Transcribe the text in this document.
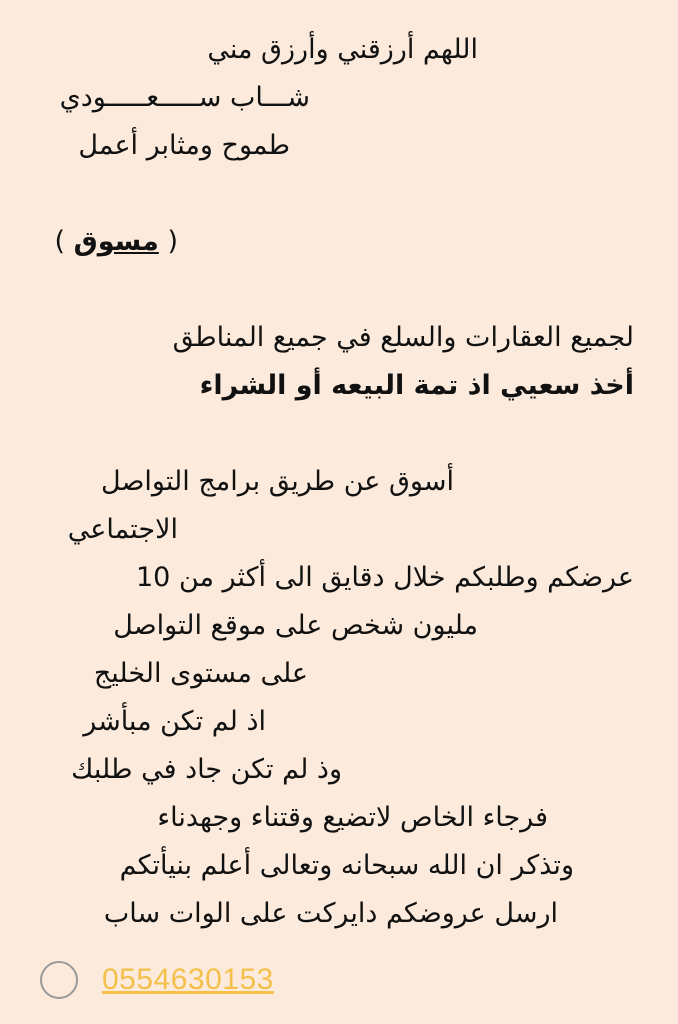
اللهم أرزقني وأرزق مني
شـــاب ســـــعـــــودي
طموح ومثابر أعمل
( مسوق )
لجميع العقارات والسلع في جميع المناطق
أخذ سعيي اذ تمة البيعه أو الشراء
أسوق عن طريق برامج التواصل
الاجتماعي
عرضكم وطلبكم خلال دقايق الى أكثر من 10
مليون شخص على موقع التواصل
على مستوى الخليج
اذ لم تكن مبأشر
وذ لم تكن جاد في طلبك
فرجاء الخاص لاتضيع وقتناء وجهدناء
وتذكر ان الله سبحانه وتعالى أعلم بنيأتكم
ارسل عروضكم دايركت على الوات ساب
0554630153
